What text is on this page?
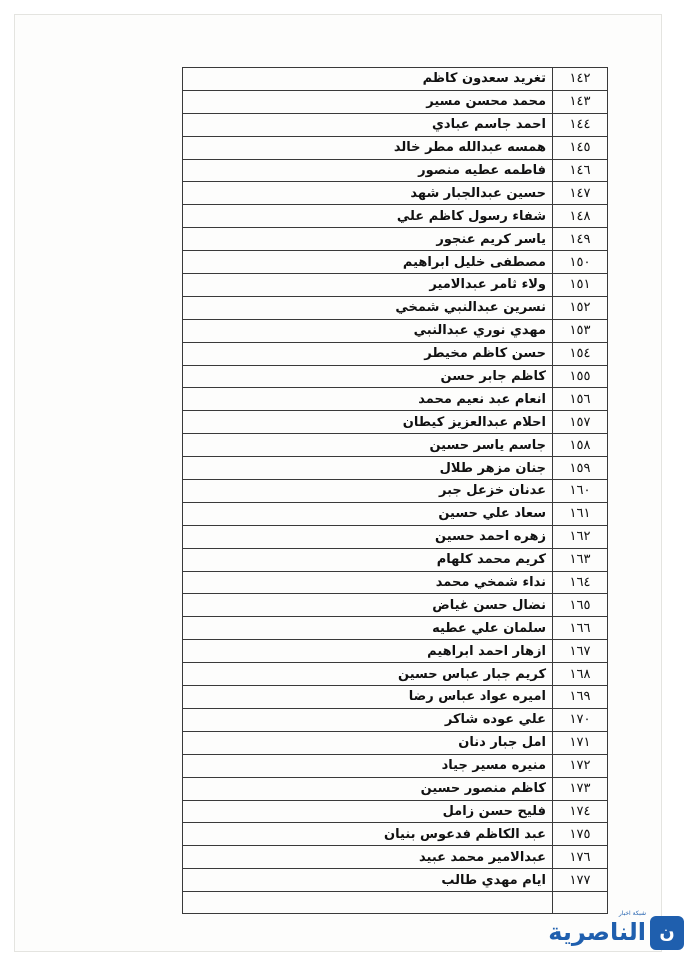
١٤٢	تغريد سعدون كاظم
١٤٣	محمد محسن مسير
١٤٤	احمد جاسم عبادي
١٤٥	همسه عبدالله مطر خالد
١٤٦	فاطمه عطيه منصور
١٤٧	حسين عبدالجبار شهد
١٤٨	شفاء رسول كاظم علي
١٤٩	ياسر كريم عنجور
١٥٠	مصطفى خليل ابراهيم
١٥١	ولاء ثامر عبدالامير
١٥٢	نسرين عبدالنبي شمخي
١٥٣	مهدي نوري عبدالنبي
١٥٤	حسن كاظم مخيطر
١٥٥	كاظم جابر حسن
١٥٦	انعام عبد نعيم محمد
١٥٧	احلام عبدالعزيز كيطان
١٥٨	جاسم ياسر حسين
١٥٩	جنان مزهر طلال
١٦٠	عدنان خزعل جبر
١٦١	سعاد علي حسين
١٦٢	زهره احمد حسين
١٦٣	كريم محمد كلهام
١٦٤	نداء شمخي محمد
١٦٥	نضال حسن غياض
١٦٦	سلمان علي عطيه
١٦٧	ازهار احمد ابراهيم
١٦٨	كريم جبار عباس حسين
١٦٩	اميره عواد عباس رضا
١٧٠	علي عوده شاكر
١٧١	امل جبار دنان
١٧٢	منيره مسير جياد
١٧٣	كاظم منصور حسين
١٧٤	فليح حسن زامل
١٧٥	عبد الكاظم فدعوس بنيان
١٧٦	عبدالامير محمد عبيد
١٧٧	ايام مهدي طالب

ن
شبكة اخبار
الناصرية
